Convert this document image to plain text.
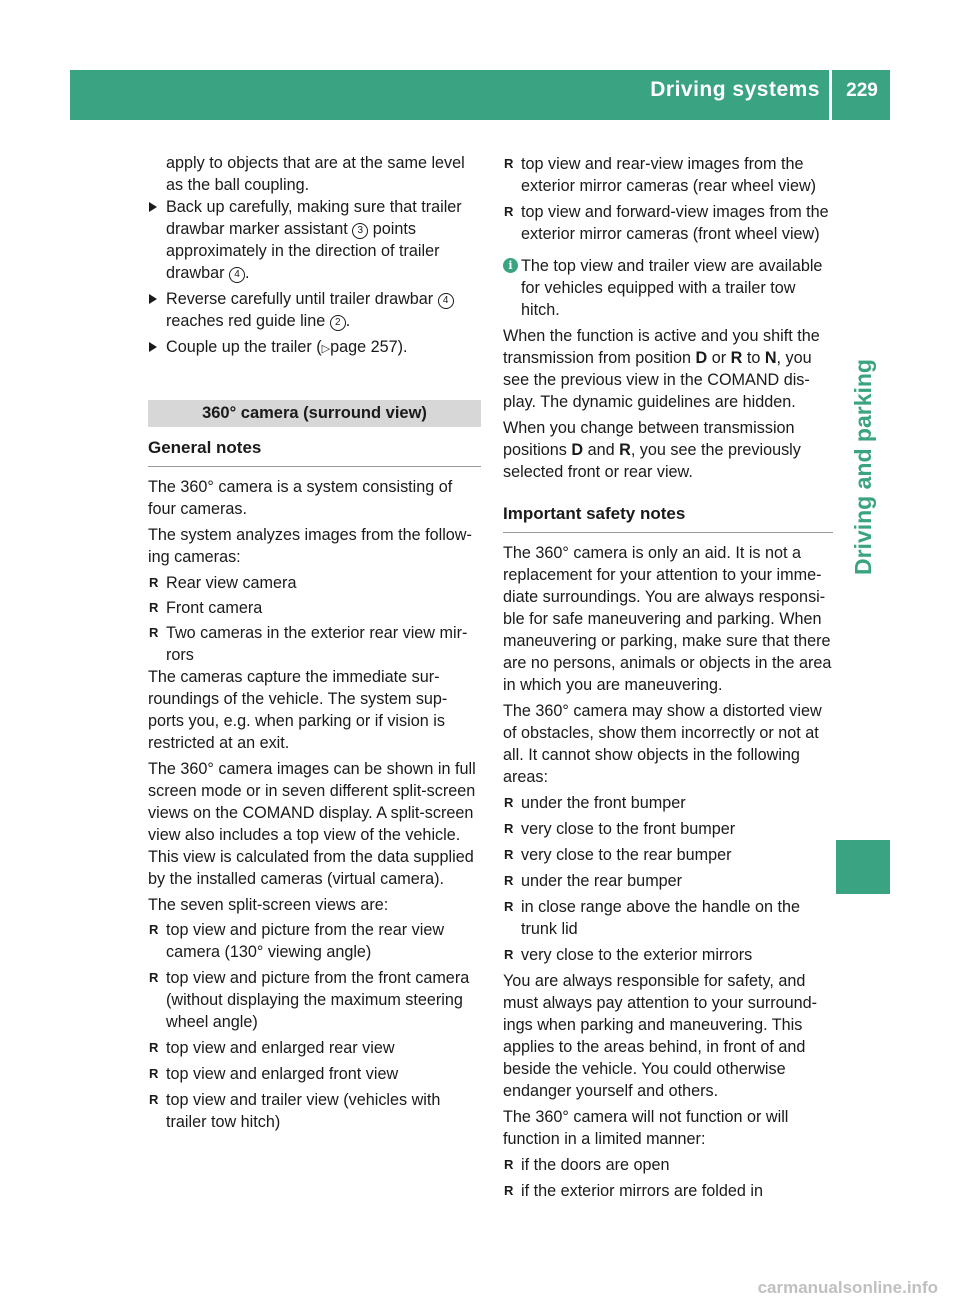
Driving systems	229
Driving and parking

apply to objects that are at the same level

as the ball coupling.

Back up carefully, making sure that trailer

drawbar marker assistant 3 points

approximately in the direction of trailer

drawbar 4 .

Reverse carefully until trailer drawbar 4

reaches red guide line 2 .

Couple up the trailer (▷page 257).

360° camera (surround view)
General notes

The 360° camera is a system consisting of

four cameras.

The system analyzes images from the follow-

ing cameras:

R Rear view camera

R Front camera

R Two cameras in the exterior rear view mir-

rors

The cameras capture the immediate sur-

roundings of the vehicle. The system sup-

ports you, e.g. when parking or if vision is

restricted at an exit.

The 360° camera images can be shown in full

screen mode or in seven different split-screen

views on the COMAND display. A split-screen

view also includes a top view of the vehicle.

This view is calculated from the data supplied

by the installed cameras (virtual camera).

The seven split-screen views are:

R top view and picture from the rear view

camera (130° viewing angle)

R top view and picture from the front camera

(without displaying the maximum steering

wheel angle)

R top view and enlarged rear view

R top view and enlarged front view

R top view and trailer view (vehicles with

trailer tow hitch)

R top view and rear-view images from the

exterior mirror cameras (rear wheel view)

R top view and forward-view images from the

exterior mirror cameras (front wheel view)

i The top view and trailer view are available

for vehicles equipped with a trailer tow

hitch.

When the function is active and you shift the

transmission from position D or R to N, you

see the previous view in the COMAND dis-

play. The dynamic guidelines are hidden.

When you change between transmission

positions D and R, you see the previously

selected front or rear view.

Important safety notes

The 360° camera is only an aid. It is not a

replacement for your attention to your imme-

diate surroundings. You are always responsi-

ble for safe maneuvering and parking. When

maneuvering or parking, make sure that there

are no persons, animals or objects in the area

in which you are maneuvering.

The 360° camera may show a distorted view

of obstacles, show them incorrectly or not at

all. It cannot show objects in the following

areas:

R under the front bumper

R very close to the front bumper

R very close to the rear bumper

R under the rear bumper

R in close range above the handle on the

trunk lid

R very close to the exterior mirrors

You are always responsible for safety, and

must always pay attention to your surround-

ings when parking and maneuvering. This

applies to the areas behind, in front of and

beside the vehicle. You could otherwise

endanger yourself and others.

The 360° camera will not function or will

function in a limited manner:

R if the doors are open

R if the exterior mirrors are folded in

carmanualsonline.info
